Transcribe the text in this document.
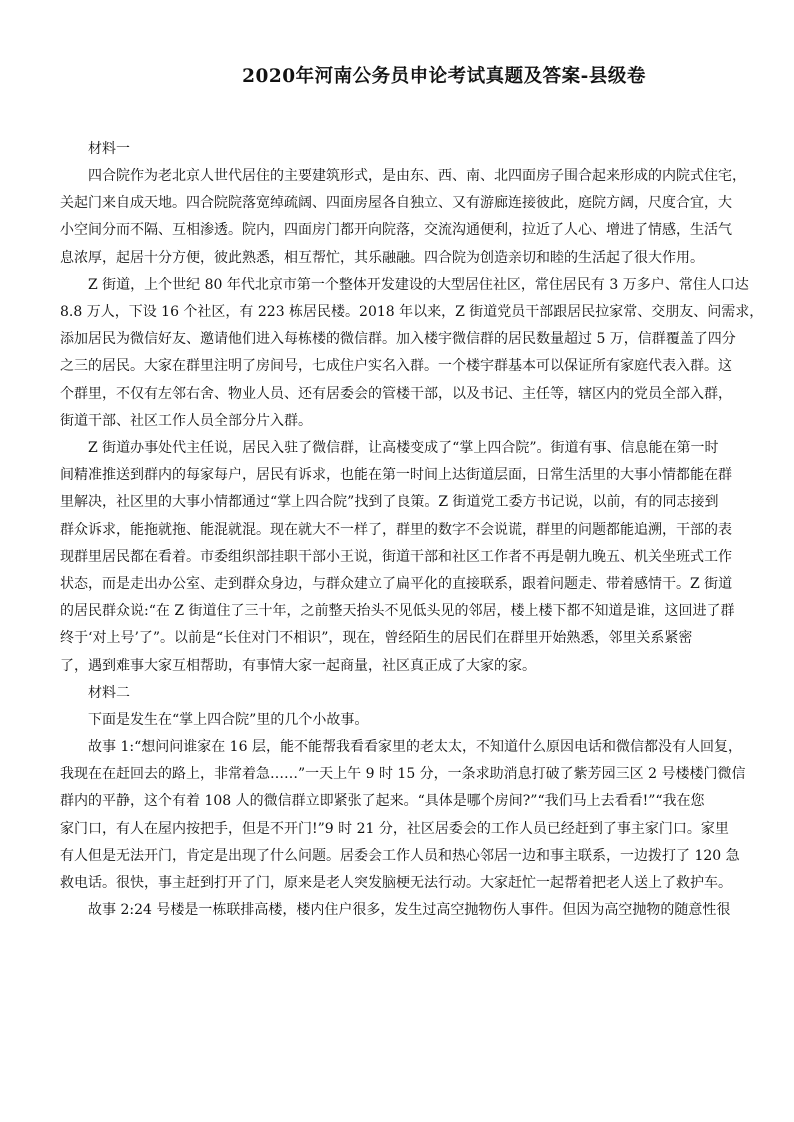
2020年河南公务员申论考试真题及答案-县级卷
材料一
四合院作为老北京人世代居住的主要建筑形式，是由东、西、南、北四面房子围合起来形成的内院式住宅，
关起门来自成天地。四合院院落宽绰疏阔、四面房屋各自独立、又有游廊连接彼此，庭院方阔，尺度合宜，大
小空间分而不隔、互相渗透。院内，四面房门都开向院落，交流沟通便利，拉近了人心、增进了情感，生活气
息浓厚，起居十分方便，彼此熟悉，相互帮忙，其乐融融。四合院为创造亲切和睦的生活起了很大作用。
Z 街道，上个世纪 80 年代北京市第一个整体开发建设的大型居住社区，常住居民有 3 万多户、常住人口达
8.8 万人，下设 16 个社区，有 223 栋居民楼。2018 年以来，Z 街道党员干部跟居民拉家常、交朋友、问需求，
添加居民为微信好友、邀请他们进入每栋楼的微信群。加入楼宇微信群的居民数量超过 5 万，信群覆盖了四分
之三的居民。大家在群里注明了房间号，七成住户实名入群。一个楼宇群基本可以保证所有家庭代表入群。这
个群里，不仅有左邻右舍、物业人员、还有居委会的管楼干部，以及书记、主任等，辖区内的党员全部入群，
街道干部、社区工作人员全部分片入群。
Z 街道办事处代主任说，居民入驻了微信群，让高楼变成了“掌上四合院”。街道有事、信息能在第一时
间精准推送到群内的每家每户，居民有诉求，也能在第一时间上达街道层面，日常生活里的大事小情都能在群
里解决，社区里的大事小情都通过“掌上四合院”找到了良策。Z 街道党工委方书记说，以前，有的同志接到
群众诉求，能拖就拖、能混就混。现在就大不一样了，群里的数字不会说谎，群里的问题都能追溯，干部的表
现群里居民都在看着。市委组织部挂职干部小王说，街道干部和社区工作者不再是朝九晚五、机关坐班式工作
状态，而是走出办公室、走到群众身边，与群众建立了扁平化的直接联系，跟着问题走、带着感情干。Z 街道
的居民群众说:“在 Z 街道住了三十年，之前整天抬头不见低头见的邻居，楼上楼下都不知道是谁，这回进了群
终于‘对上号’了”。以前是“长住对门不相识”，现在，曾经陌生的居民们在群里开始熟悉，邻里关系紧密
了，遇到难事大家互相帮助，有事情大家一起商量，社区真正成了大家的家。
材料二
下面是发生在“掌上四合院”里的几个小故事。
故事 1:“想问问谁家在 16 层，能不能帮我看看家里的老太太，不知道什么原因电话和微信都没有人回复，
我现在在赶回去的路上，非常着急……”一天上午 9 时 15 分，一条求助消息打破了紫芳园三区 2 号楼楼门微信
群内的平静，这个有着 108 人的微信群立即紧张了起来。“具体是哪个房间?”“我们马上去看看!”“我在您
家门口，有人在屋内按把手，但是不开门!”9 时 21 分，社区居委会的工作人员已经赶到了事主家门口。家里
有人但是无法开门，肯定是出现了什么问题。居委会工作人员和热心邻居一边和事主联系，一边拨打了 120 急
救电话。很快，事主赶到打开了门，原来是老人突发脑梗无法行动。大家赶忙一起帮着把老人送上了救护车。
故事 2:24 号楼是一栋联排高楼，楼内住户很多，发生过高空抛物伤人事件。但因为高空抛物的随意性很
